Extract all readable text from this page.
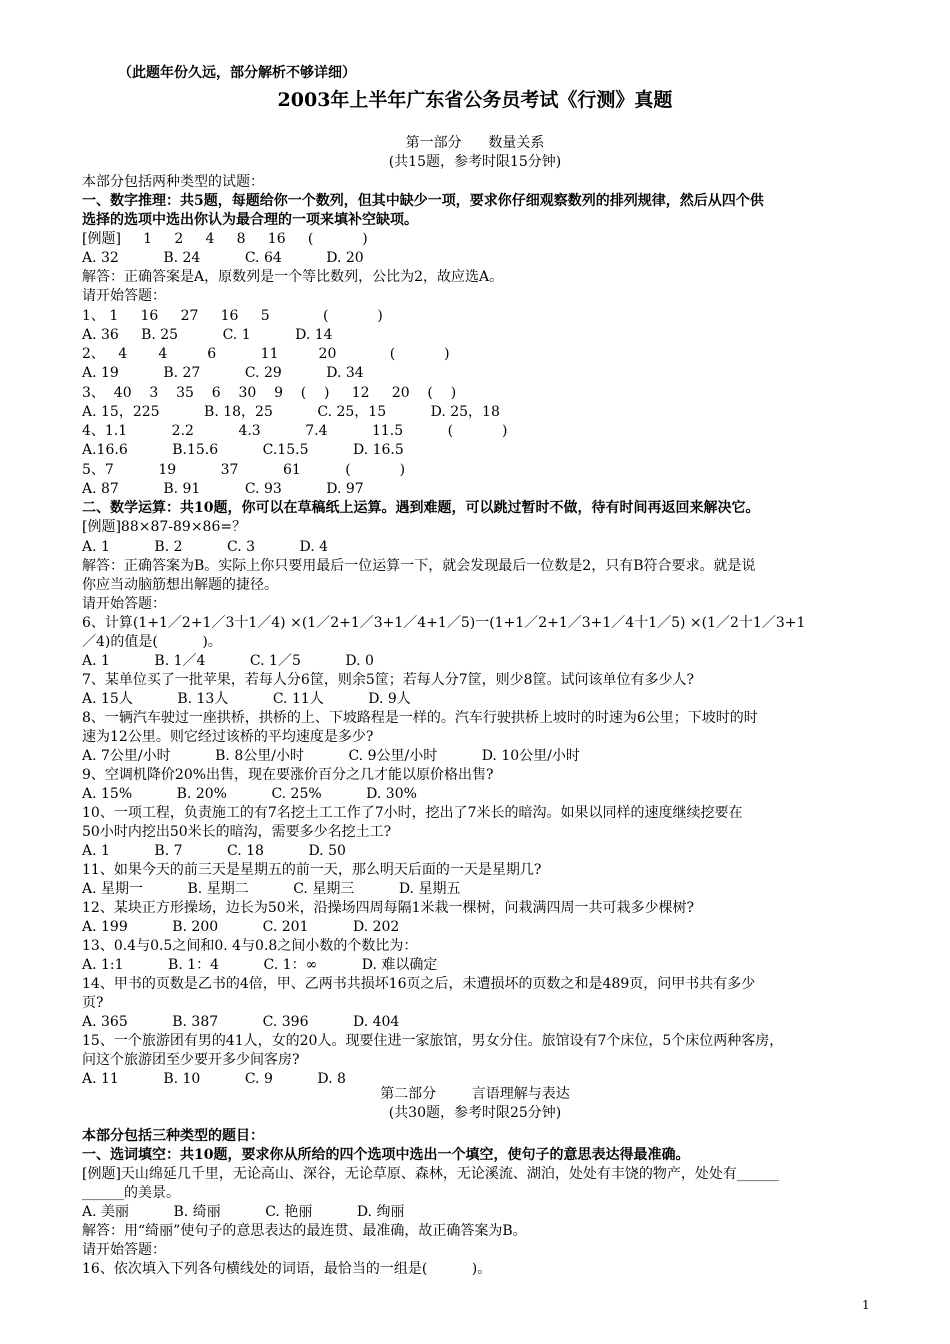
（此题年份久远，部分解析不够详细）
2003年上半年广东省公务员考试《行测》真题
第一部分      数量关系
(共15题，参考时限15分钟)
本部分包括两种类型的试题：
一、数字推理：共5题，每题给你一个数列，但其中缺少一项，要求你仔细观察数列的排列规律，然后从四个供
选择的选项中选出你认为最合理的一项来填补空缺项。
[例题]     1     2     4     8     16     (           )
A. 32          B. 24          C. 64          D. 20
解答：正确答案是A，原数列是一个等比数列，公比为2，故应选A。
请开始答题：
1、 1     16     27     16     5            (           )
A. 36     B. 25          C. 1          D. 14
2、   4       4         6          11         20            (           )
A. 19          B. 27          C. 29          D. 34
3、  40    3    35    6    30    9    (    )     12     20    (    )
A. 15，225          B. 18，25          C. 25，15          D. 25，18
4、1.1          2.2          4.3          7.4          11.5          (           )
A.16.6          B.15.6          C.15.5          D. 16.5
5、7          19          37          61          (           )
A. 87          B. 91          C. 93          D. 97
二、数学运算：共10题，你可以在草稿纸上运算。遇到难题，可以跳过暂时不做，待有时间再返回来解决它。
[例题]88×87-89×86=？
A. 1          B. 2          C. 3          D. 4
解答：正确答案为B。实际上你只要用最后一位运算一下，就会发现最后一位数是2，只有B符合要求。就是说
你应当动脑筋想出解题的捷径。
请开始答题：
6、计算(1+1／2+1／3十1／4) ×(1／2+1／3+1／4+1／5)一(1+1／2+1／3+1／4十1／5) ×(1／2十1／3+1
／4)的值是(          )。
A. 1          B. 1／4          C. 1／5          D. 0
7、某单位买了一批苹果，若每人分6筐，则余5筐；若每人分7筐，则少8筐。试问该单位有多少人?
A. 15人          B. 13人          C. 11人          D. 9人
8、一辆汽车驶过一座拱桥，拱桥的上、下坡路程是一样的。汽车行驶拱桥上坡时的时速为6公里；下坡时的时
速为12公里。则它经过该桥的平均速度是多少?
A. 7公里/小时          B. 8公里/小时          C. 9公里/小时          D. 10公里/小时
9、空调机降价20%出售，现在要涨价百分之几才能以原价格出售?
A. 15%          B. 20%          C. 25%          D. 30%
10、一项工程，负责施工的有7名挖土工工作了7小时，挖出了7米长的暗沟。如果以同样的速度继续挖要在
50小时内挖出50米长的暗沟，需要多少名挖土工?
A. 1          B. 7          C. 18          D. 50
11、如果今天的前三天是星期五的前一天，那么明天后面的一天是星期几?
A. 星期一          B. 星期二          C. 星期三          D. 星期五
12、某块正方形操场，边长为50米，沿操场四周每隔1米栽一棵树，问栽满四周一共可栽多少棵树?
A. 199          B. 200          C. 201          D. 202
13、0.4与0.5之间和0. 4与0.8之间小数的个数比为：
A. 1:1          B. 1：4          C. 1：∞          D. 难以确定
14、甲书的页数是乙书的4倍，甲、乙两书共损坏16页之后，未遭损坏的页数之和是489页，问甲书共有多少
页?
A. 365          B. 387          C. 396          D. 404
15、一个旅游团有男的41人，女的20人。现要住进一家旅馆，男女分住。旅馆设有7个床位，5个床位两种客房，
问这个旅游团至少要开多少间客房?
A. 11          B. 10          C. 9          D. 8
第二部分        言语理解与表达
(共30题，参考时限25分钟)
本部分包括三种类型的题目：
一、选词填空：共10题，要求你从所给的四个选项中选出一个填空，使句子的意思表达得最准确。
[例题]天山绵延几千里，无论高山、深谷，无论草原、森林，无论溪流、湖泊，处处有丰饶的物产，处处有______
______的美景。
A. 美丽          B. 绮丽          C. 艳丽          D. 绚丽
解答：用“绮丽”使句子的意思表达的最连贯、最准确，故正确答案为B。
请开始答题：
16、依次填入下列各句横线处的词语，最恰当的一组是(          )。
1
